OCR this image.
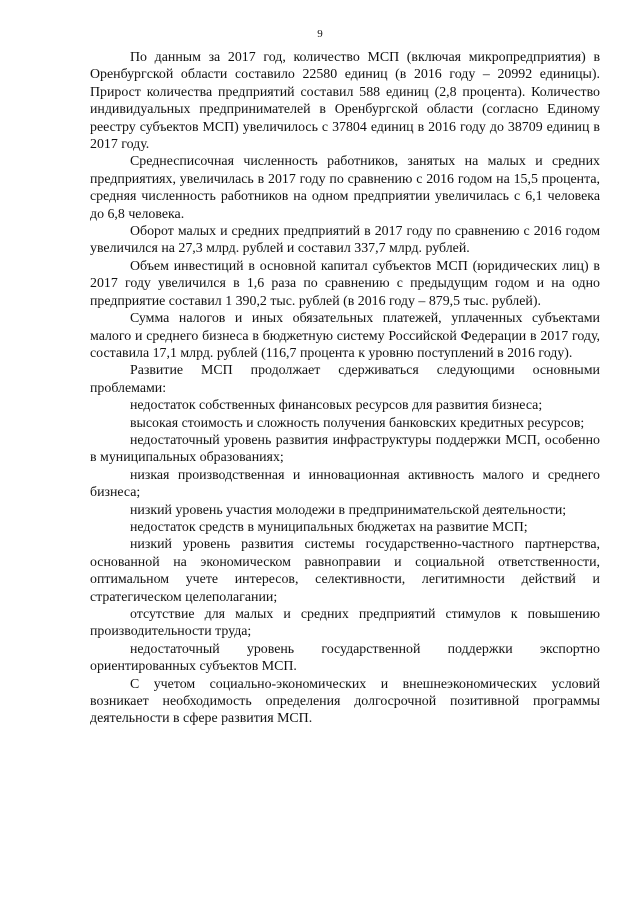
9

По данным за 2017 год, количество МСП (включая микропредприятия) в Оренбургской области составило 22580 единиц (в 2016 году – 20992 единицы). Прирост количества предприятий составил 588 единиц (2,8 процента). Количество индивидуальных предпринимателей в Оренбургской области (согласно Единому реестру субъектов МСП) увеличилось с 37804 единиц в 2016 году до 38709 единиц в 2017 году.

Среднесписочная численность работников, занятых на малых и средних предприятиях, увеличилась в 2017 году по сравнению с 2016 годом на 15,5 процента, средняя численность работников на одном предприятии увеличилась с 6,1 человека до 6,8 человека.

Оборот малых и средних предприятий в 2017 году по сравнению с 2016 годом увеличился на 27,3 млрд. рублей и составил 337,7 млрд. рублей.

Объем инвестиций в основной капитал субъектов МСП (юридических лиц) в 2017 году увеличился в 1,6 раза по сравнению с предыдущим годом и на одно предприятие составил 1 390,2 тыс. рублей (в 2016 году – 879,5 тыс. рублей).

Сумма налогов и иных обязательных платежей, уплаченных субъектами малого и среднего бизнеса в бюджетную систему Российской Федерации в 2017 году, составила 17,1 млрд. рублей (116,7 процента к уровню поступлений в 2016 году).

Развитие МСП продолжает сдерживаться следующими основными проблемами:

недостаток собственных финансовых ресурсов для развития бизнеса;

высокая стоимость и сложность получения банковских кредитных ресурсов;

недостаточный уровень развития инфраструктуры поддержки МСП, особенно в муниципальных образованиях;

низкая производственная и инновационная активность малого и среднего бизнеса;

низкий уровень участия молодежи в предпринимательской деятельности;

недостаток средств в муниципальных бюджетах на развитие МСП;

низкий уровень развития системы государственно-частного партнерства, основанной на экономическом равноправии и социальной ответственности, оптимальном учете интересов, селективности, легитимности действий и стратегическом целеполагании;

отсутствие для малых и средних предприятий стимулов к повышению производительности труда;

недостаточный уровень государственной поддержки экспортно ориентированных субъектов МСП.

С учетом социально-экономических и внешнеэкономических условий возникает необходимость определения долгосрочной позитивной программы деятельности в сфере развития МСП.
